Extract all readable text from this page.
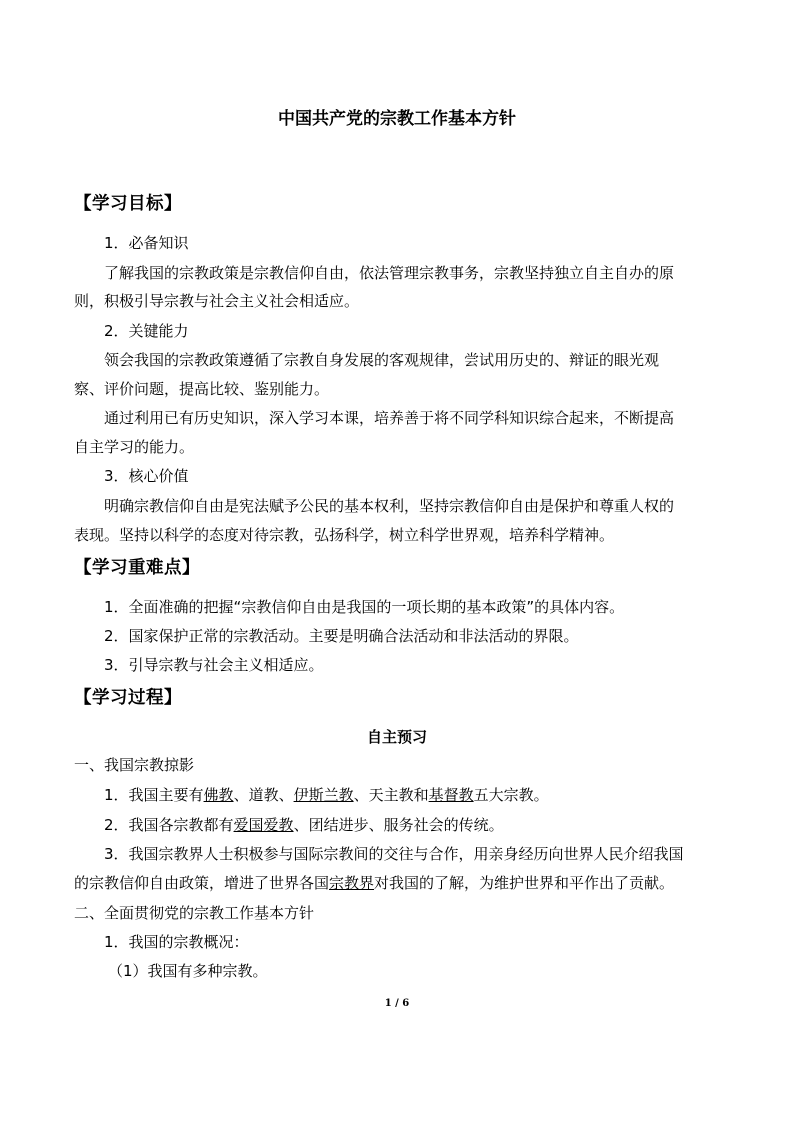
中国共产党的宗教工作基本方针
【学习目标】
1．必备知识
了解我国的宗教政策是宗教信仰自由，依法管理宗教事务，宗教坚持独立自主自办的原
则，积极引导宗教与社会主义社会相适应。
2．关键能力
领会我国的宗教政策遵循了宗教自身发展的客观规律，尝试用历史的、辩证的眼光观
察、评价问题，提高比较、鉴别能力。
通过利用已有历史知识，深入学习本课，培养善于将不同学科知识综合起来，不断提高
自主学习的能力。
3．核心价值
明确宗教信仰自由是宪法赋予公民的基本权利，坚持宗教信仰自由是保护和尊重人权的
表现。坚持以科学的态度对待宗教，弘扬科学，树立科学世界观，培养科学精神。
【学习重难点】
1．全面准确的把握“宗教信仰自由是我国的一项长期的基本政策”的具体内容。
2．国家保护正常的宗教活动。主要是明确合法活动和非法活动的界限。
3．引导宗教与社会主义相适应。
【学习过程】
自主预习
一、我国宗教掠影
1．我国主要有佛教、道教、伊斯兰教、天主教和基督教五大宗教。
2．我国各宗教都有爱国爱教、团结进步、服务社会的传统。
3．我国宗教界人士积极参与国际宗教间的交往与合作，用亲身经历向世界人民介绍我国
的宗教信仰自由政策，增进了世界各国宗教界对我国的了解，为维护世界和平作出了贡献。
二、全面贯彻党的宗教工作基本方针
1．我国的宗教概况：
（1）我国有多种宗教。
1 / 6
